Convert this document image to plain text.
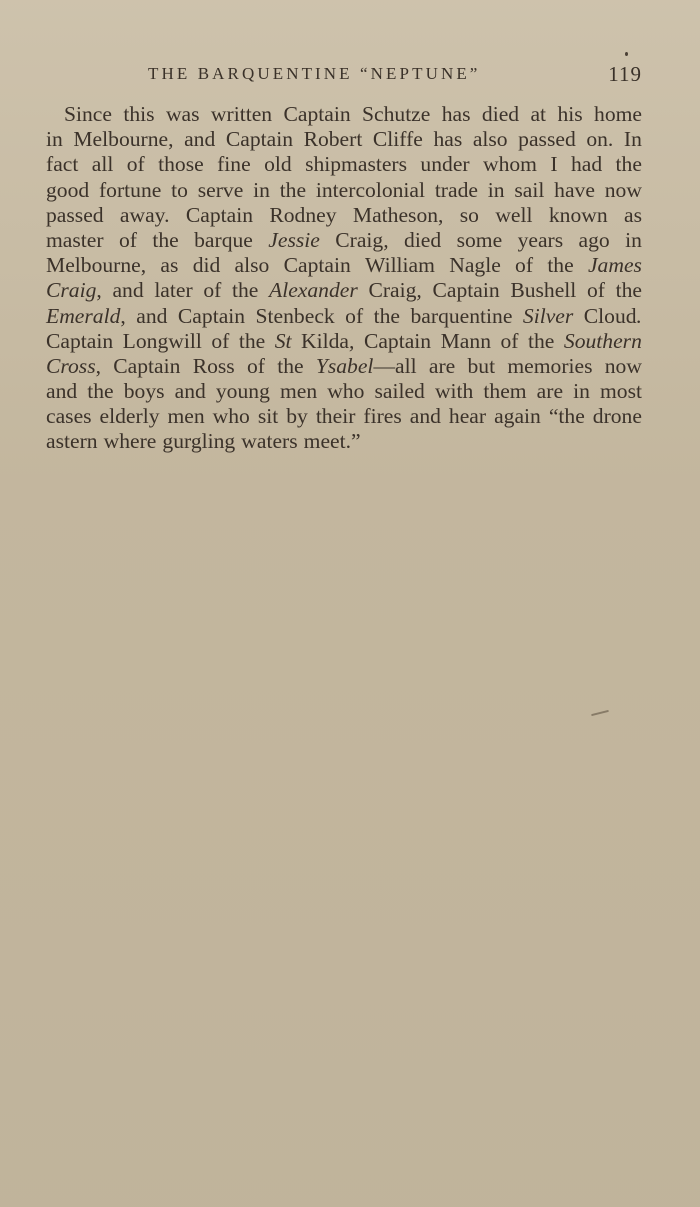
THE BARQUENTINE “NEPTUNE”	119
Since this was written Captain Schutze has died at his home
in Melbourne, and Captain Robert Cliffe has also passed on. In
fact all of those fine old shipmasters under whom I had the
good fortune to serve in the intercolonial trade in sail have now
passed away. Captain Rodney Matheson, so well known as
master of the barque Jessie Craig, died some years ago in
Melbourne, as did also Captain William Nagle of the James
Craig, and later of the Alexander Craig, Captain Bushell of the
Emerald, and Captain Stenbeck of the barquentine Silver Cloud.
Captain Longwill of the St Kilda, Captain Mann of the Southern
Cross, Captain Ross of the Ysabel—all are but memories now
and the boys and young men who sailed with them are in most
cases elderly men who sit by their fires and hear again “the drone
astern where gurgling waters meet.”
